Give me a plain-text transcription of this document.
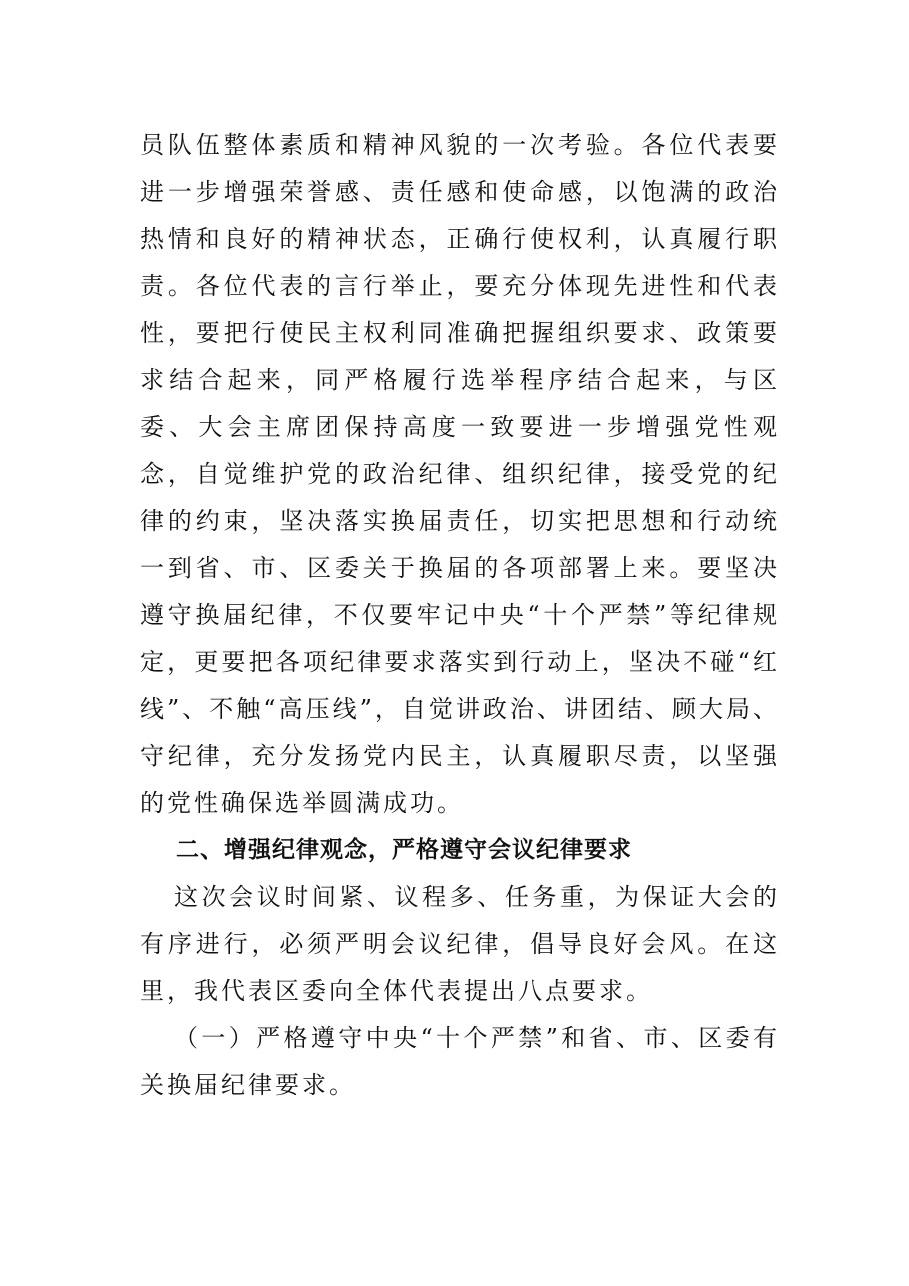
员队伍整体素质和精神风貌的一次考验。各位代表要进一步增强荣誉感、责任感和使命感，以饱满的政治热情和良好的精神状态，正确行使权利，认真履行职责。各位代表的言行举止，要充分体现先进性和代表性，要把行使民主权利同准确把握组织要求、政策要求结合起来，同严格履行选举程序结合起来，与区委、大会主席团保持高度一致要进一步增强党性观念，自觉维护党的政治纪律、组织纪律，接受党的纪律的约束，坚决落实换届责任，切实把思想和行动统一到省、市、区委关于换届的各项部署上来。要坚决遵守换届纪律，不仅要牢记中央“十个严禁”等纪律规定，更要把各项纪律要求落实到行动上，坚决不碰“红线”、不触“高压线”，自觉讲政治、讲团结、顾大局、守纪律，充分发扬党内民主，认真履职尽责，以坚强的党性确保选举圆满成功。

二、增强纪律观念，严格遵守会议纪律要求

这次会议时间紧、议程多、任务重，为保证大会的有序进行，必须严明会议纪律，倡导良好会风。在这里，我代表区委向全体代表提出八点要求。

（一）严格遵守中央“十个严禁”和省、市、区委有关换届纪律要求。
